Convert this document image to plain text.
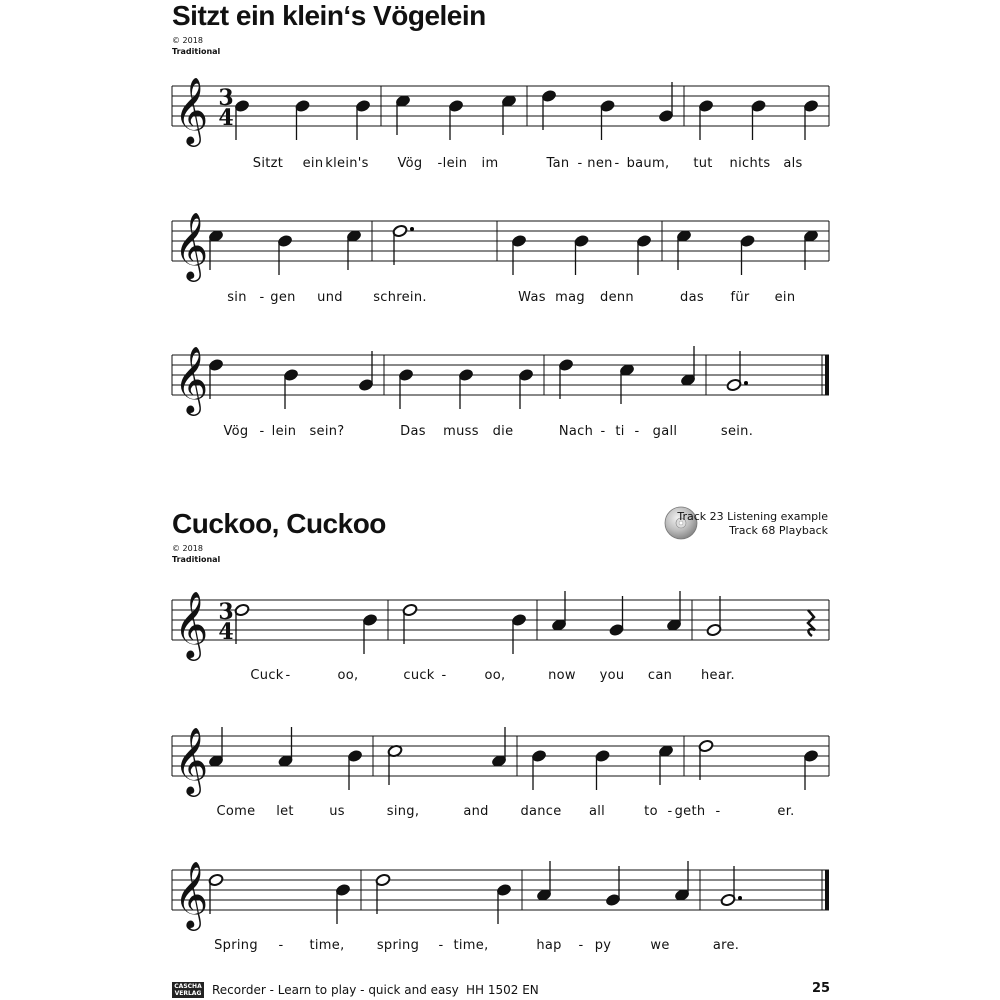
Sitzt ein klein‘s Vögelein
© 2018
Traditional
Cuckoo, Cuckoo
© 2018
Traditional
Track 23 Listening example
Track 68 Playback
𝄞 3
4
𝄞
𝄞
𝄞 3
4
𝄞
𝄞
Sitzt ein klein's Vög - lein im	Tan - nen - baum, tut nichts als
sin - gen und schrein.	Was mag denn	das für ein
Vög - lein sein?	Das muss die	Nach - ti - gall	sein.
Cuck -	oo,	cuck -	oo,	now you can hear.
Come let	us	sing,	and dance all	to - geth -	er.
Spring - time, spring - time,	hap - py	we	are.
CASCHA
VERLAG Recorder - Learn to play - quick and easy HH 1502 EN	25
